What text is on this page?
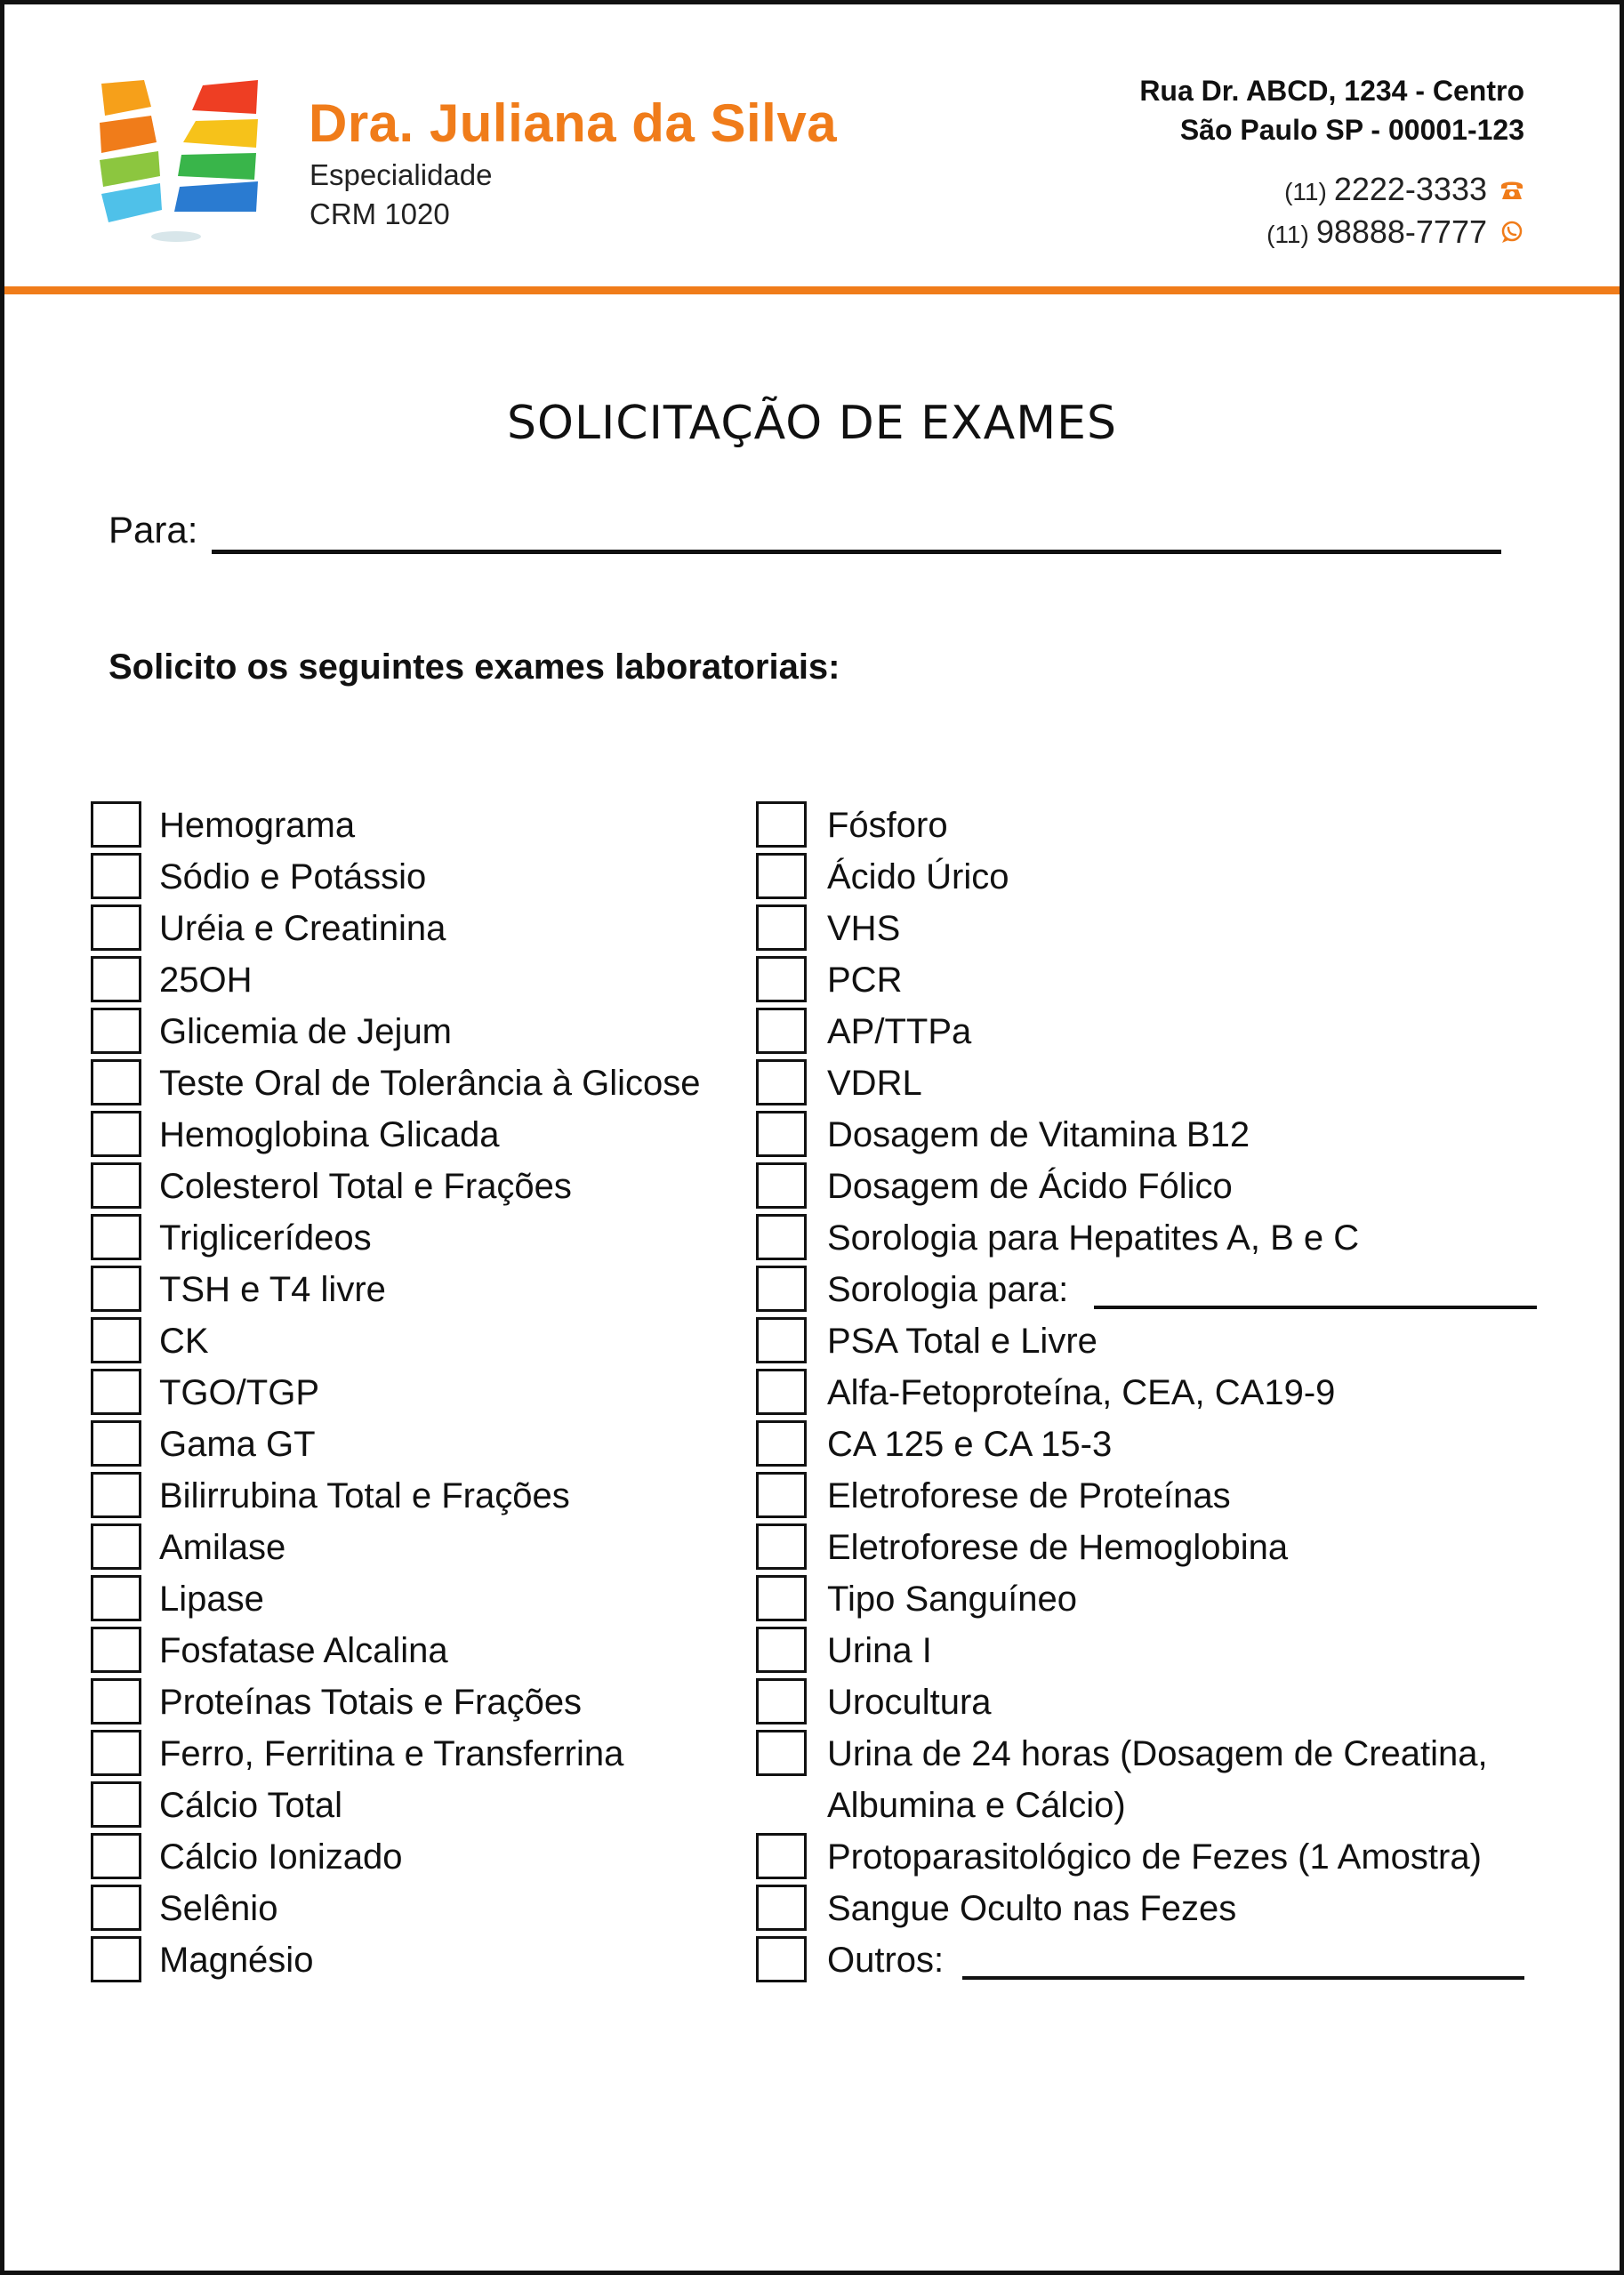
Dra. Juliana da Silva
Especialidade
CRM 1020
Rua Dr. ABCD, 1234 - Centro
São Paulo SP - 00001-123
(11) 2222-3333
(11) 98888-7777
SOLICITAÇÃO DE EXAMES
Para:
Solicito os seguintes exames laboratoriais:
Hemograma
Sódio e Potássio
Uréia e Creatinina
25OH
Glicemia de Jejum
Teste Oral de Tolerância à Glicose
Hemoglobina Glicada
Colesterol Total e Frações
Triglicerídeos
TSH e T4 livre
CK
TGO/TGP
Gama GT
Bilirrubina Total e Frações
Amilase
Lipase
Fosfatase Alcalina
Proteínas Totais e Frações
Ferro, Ferritina e Transferrina
Cálcio Total
Cálcio Ionizado
Selênio
Magnésio
Fósforo
Ácido Úrico
VHS
PCR
AP/TTPa
VDRL
Dosagem de Vitamina B12
Dosagem de Ácido Fólico
Sorologia para Hepatites A, B e C
Sorologia para:
PSA Total e Livre
Alfa-Fetoproteína, CEA, CA19-9
CA 125 e CA 15-3
Eletroforese de Proteínas
Eletroforese de Hemoglobina
Tipo Sanguíneo
Urina I
Urocultura
Urina de 24 horas (Dosagem de Creatina,
Albumina e Cálcio)
Protoparasitológico de Fezes (1 Amostra)
Sangue Oculto nas Fezes
Outros:
